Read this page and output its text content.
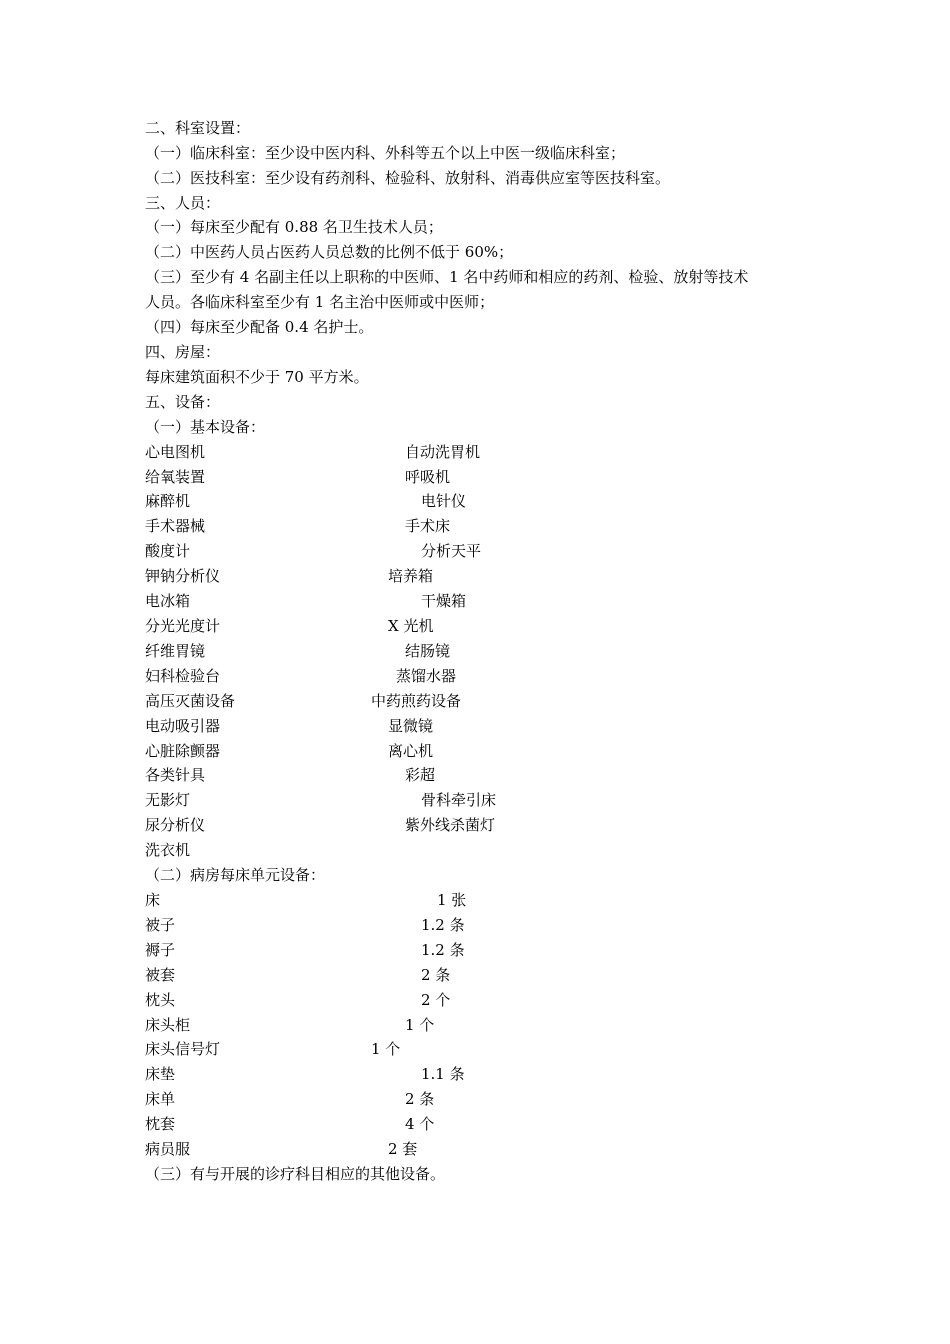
二、科室设置：
（一）临床科室：至少设中医内科、外科等五个以上中医一级临床科室；
（二）医技科室：至少设有药剂科、检验科、放射科、消毒供应室等医技科室。
三、人员：
（一）每床至少配有 0.88 名卫生技术人员；
（二）中医药人员占医药人员总数的比例不低于 60%；
（三）至少有 4 名副主任以上职称的中医师、1 名中药师和相应的药剂、检验、放射等技术
人员。各临床科室至少有 1 名主治中医师或中医师；
（四）每床至少配备 0.4 名护士。
四、房屋：
每床建筑面积不少于 70 平方米。
五、设备：
（一）基本设备：
心电图机	自动洗胃机
给氧装置	呼吸机
麻醉机	电针仪
手术器械	手术床
酸度计	分析天平
钾钠分析仪	培养箱
电冰箱	干燥箱
分光光度计	X 光机
纤维胃镜	结肠镜
妇科检验台	蒸馏水器
高压灭菌设备	中药煎药设备
电动吸引器	显微镜
心脏除颤器	离心机
各类针具	彩超
无影灯	骨科牵引床
尿分析仪	紫外线杀菌灯
洗衣机
（二）病房每床单元设备：
床	1 张
被子	1.2 条
褥子	1.2 条
被套	2 条
枕头	2 个
床头柜	1 个
床头信号灯	1 个
床垫	1.1 条
床单	2 条
枕套	4 个
病员服	2 套
（三）有与开展的诊疗科目相应的其他设备。
